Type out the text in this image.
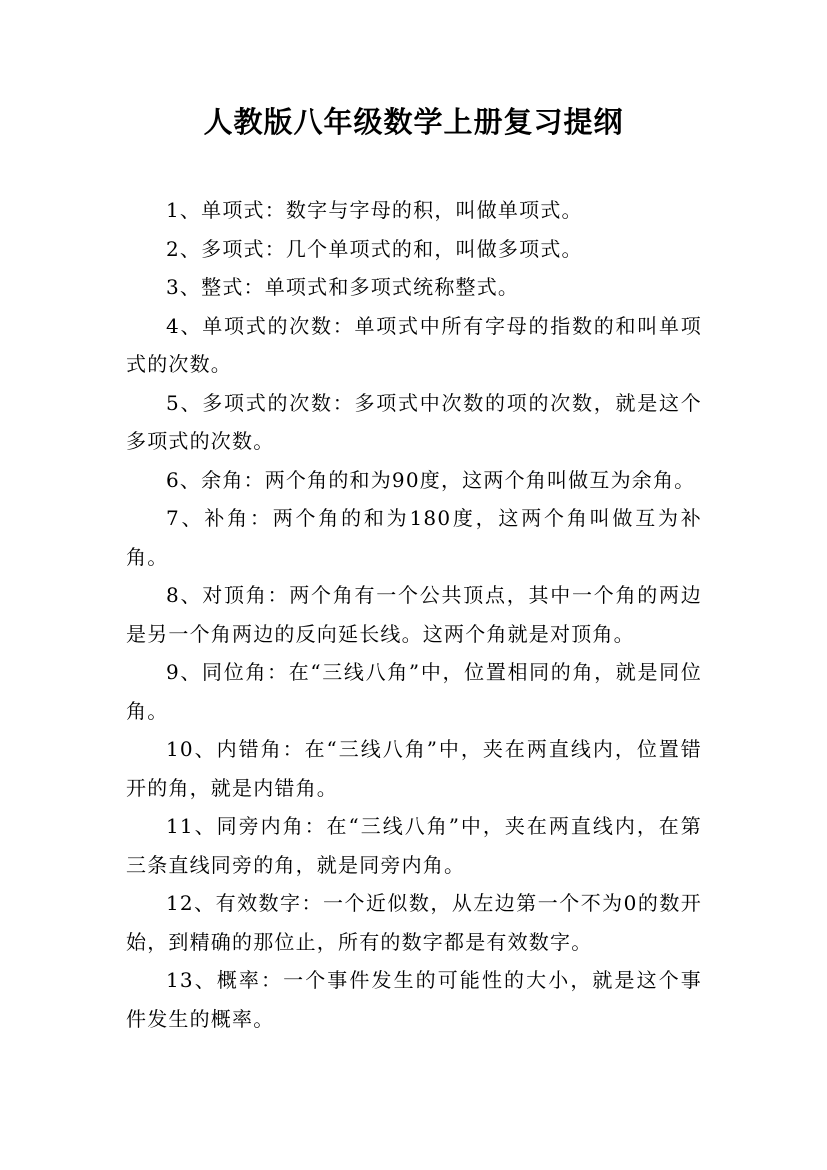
人教版八年级数学上册复习提纲

1、单项式：数字与字母的积，叫做单项式。

2、多项式：几个单项式的和，叫做多项式。

3、整式：单项式和多项式统称整式。

4、单项式的次数：单项式中所有字母的指数的和叫单项式的次数。

5、多项式的次数：多项式中次数的项的次数，就是这个多项式的次数。

6、余角：两个角的和为90度，这两个角叫做互为余角。

7、补角：两个角的和为180度，这两个角叫做互为补角。

8、对顶角：两个角有一个公共顶点，其中一个角的两边是另一个角两边的反向延长线。这两个角就是对顶角。

9、同位角：在“三线八角”中，位置相同的角，就是同位角。

10、内错角：在“三线八角”中，夹在两直线内，位置错开的角，就是内错角。

11、同旁内角：在“三线八角”中，夹在两直线内，在第三条直线同旁的角，就是同旁内角。

12、有效数字：一个近似数，从左边第一个不为0的数开始，到精确的那位止，所有的数字都是有效数字。

13、概率：一个事件发生的可能性的大小，就是这个事件发生的概率。
